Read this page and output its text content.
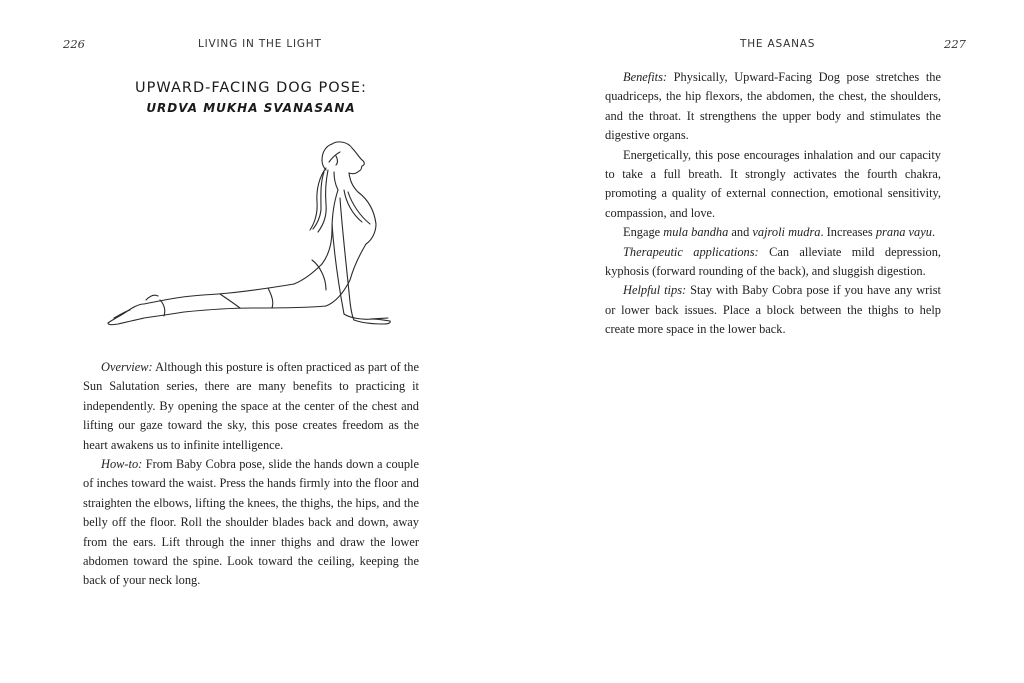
226	LIVING IN THE LIGHT
UPWARD-FACING DOG POSE:
URDVA MUKHA SVANASANA

Overview: Although this posture is often practiced as part of the Sun Salutation series, there are many benefits to practicing it independently. By opening the space at the center of the chest and lifting our gaze toward the sky, this pose creates freedom as the heart awakens us to infinite intelligence.

How-to: From Baby Cobra pose, slide the hands down a couple of inches toward the waist. Press the hands firmly into the floor and straighten the elbows, lifting the knees, the thighs, the hips, and the belly off the floor. Roll the shoulder blades back and down, away from the ears. Lift through the inner thighs and draw the lower abdomen toward the spine. Look toward the ceiling, keeping the back of your neck long.

THE ASANAS	227

Benefits: Physically, Upward-Facing Dog pose stretches the quadriceps, the hip flexors, the abdomen, the chest, the shoulders, and the throat. It strengthens the upper body and stimulates the digestive organs.

Energetically, this pose encourages inhalation and our capacity to take a full breath. It strongly activates the fourth chakra, promoting a quality of external connection, emotional sensitivity, compassion, and love.

Engage mula bandha and vajroli mudra. Increases prana vayu.

Therapeutic applications: Can alleviate mild depression, kyphosis (forward rounding of the back), and sluggish digestion.

Helpful tips: Stay with Baby Cobra pose if you have any wrist or lower back issues. Place a block between the thighs to help create more space in the lower back.
